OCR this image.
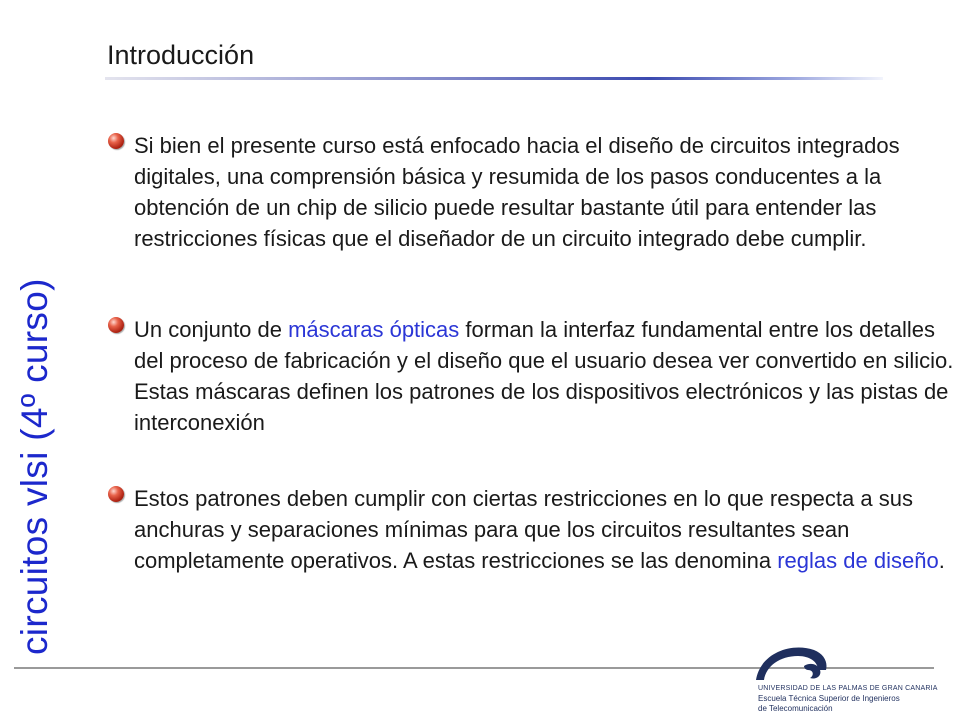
Introducción
circuitos vlsi (4º curso)
Si bien el presente curso está enfocado hacia el diseño de circuitos integrados digitales, una comprensión básica y resumida de los pasos conducentes a la obtención de un chip de silicio puede resultar bastante útil para entender las restricciones físicas que el diseñador de un circuito integrado debe cumplir.
Un conjunto de máscaras ópticas forman la interfaz fundamental entre los detalles del proceso de fabricación y el diseño que el usuario desea ver convertido en silicio. Estas máscaras definen los patrones de los dispositivos electrónicos y las pistas de interconexión
Estos patrones deben cumplir con ciertas restricciones en lo que respecta a sus anchuras y separaciones mínimas para que los circuitos resultantes sean completamente operativos. A estas restricciones se las denomina reglas de diseño.
UNIVERSIDAD DE LAS PALMAS DE GRAN CANARIA
Escuela Técnica Superior de Ingenieros
de Telecomunicación
